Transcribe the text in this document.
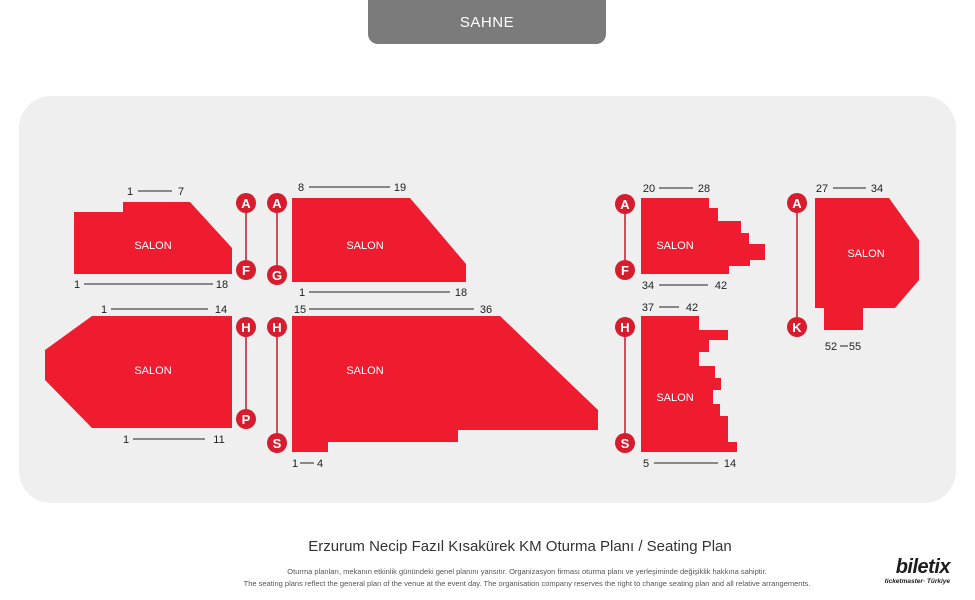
SAHNE
SALON
1	7
1	18
A
F
SALON
8	19
1	18
A
G
SALON
1	14
1	11
H
P
SALON
15	36
1 4
H
S
SALON
20	28
34	42
A
F
SALON
37	42
5	14
H
S
SALON
27	34
52 55
A
K
Erzurum Necip Fazıl Kısakürek KM Oturma Planı / Seating Plan
Oturma planları, mekanın etkinlik günündeki genel planını yansıtır. Organizasyon firması oturma planı ve yerleşiminde değişiklik hakkına sahiptir.
The seating plans reflect the general plan of the venue at the event day. The organisation company reserves the right to change seating plan and all relative arrangements.
biletix
ticketmaster· Türkiye
